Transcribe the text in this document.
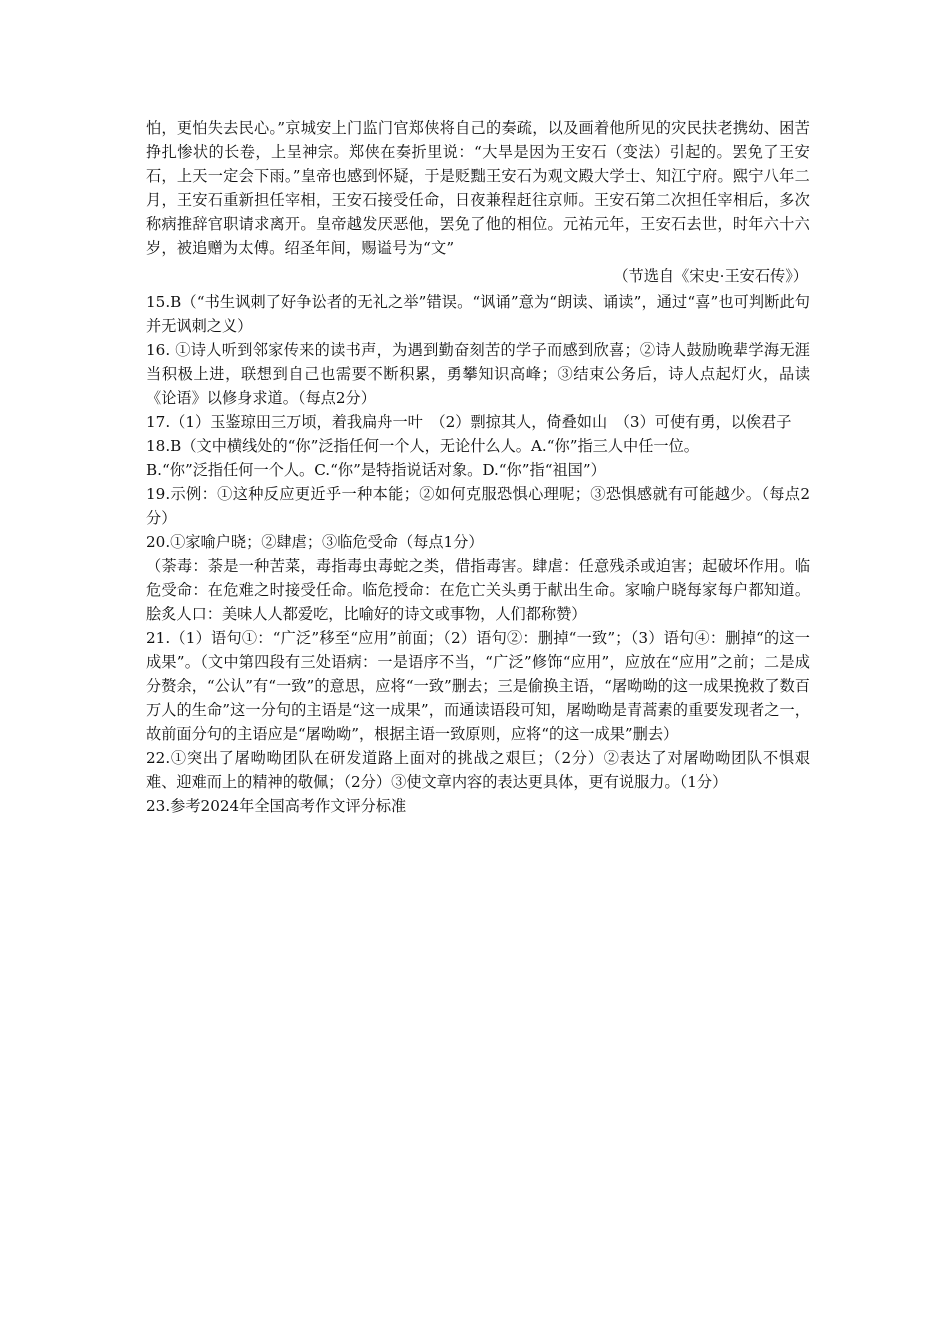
怕，更怕失去民心。”京城安上门监门官郑侠将自己的奏疏，以及画着他所见的灾民扶老携幼、困苦挣扎惨状的长卷，上呈神宗。郑侠在奏折里说：“大旱是因为王安石（变法）引起的。罢免了王安石，上天一定会下雨。”皇帝也感到怀疑，于是贬黜王安石为观文殿大学士、知江宁府。熙宁八年二月，王安石重新担任宰相，王安石接受任命，日夜兼程赶往京师。王安石第二次担任宰相后，多次称病推辞官职请求离开。皇帝越发厌恶他，罢免了他的相位。元祐元年，王安石去世，时年六十六岁，被追赠为太傅。绍圣年间，赐谥号为“文”

（节选自《宋史·王安石传》）

15.B（“书生讽刺了好争讼者的无礼之举”错误。“讽诵”意为“朗读、诵读”，通过“喜”也可判断此句并无讽刺之义）

16. ①诗人听到邻家传来的读书声，为遇到勤奋刻苦的学子而感到欣喜；②诗人鼓励晚辈学海无涯当积极上进，联想到自己也需要不断积累，勇攀知识高峰；③结束公务后，诗人点起灯火，品读《论语》以修身求道。（每点2分）

17.（1）玉鉴琼田三万顷，着我扁舟一叶　（2）剽掠其人，倚叠如山　（3）可使有勇，以俟君子

18.B（文中横线处的“你”泛指任何一个人，无论什么人。A.“你”指三人中任一位。

B.“你”泛指任何一个人。C.“你”是特指说话对象。D.“你”指“祖国”）

19.示例：①这种反应更近乎一种本能；②如何克服恐惧心理呢；③恐惧感就有可能越少。（每点2分）

20.①家喻户晓；②肆虐；③临危受命（每点1分）

（荼毒：荼是一种苦菜，毒指毒虫毒蛇之类，借指毒害。肆虐：任意残杀或迫害；起破坏作用。临危受命：在危难之时接受任命。临危授命：在危亡关头勇于献出生命。家喻户晓每家每户都知道。脍炙人口：美味人人都爱吃，比喻好的诗文或事物，人们都称赞）

21.（1）语句①：“广泛”移至“应用”前面；（2）语句②：删掉“一致”；（3）语句④：删掉“的这一成果”。（文中第四段有三处语病：一是语序不当，“广泛”修饰“应用”，应放在“应用”之前；二是成分赘余，“公认”有“一致”的意思，应将“一致”删去；三是偷换主语，“屠呦呦的这一成果挽救了数百万人的生命”这一分句的主语是“这一成果”，而通读语段可知，屠呦呦是青蒿素的重要发现者之一，故前面分句的主语应是“屠呦呦”，根据主语一致原则，应将“的这一成果”删去）

22.①突出了屠呦呦团队在研发道路上面对的挑战之艰巨；（2分）②表达了对屠呦呦团队不惧艰难、迎难而上的精神的敬佩；（2分）③使文章内容的表达更具体，更有说服力。（1分）

23.参考2024年全国高考作文评分标准
